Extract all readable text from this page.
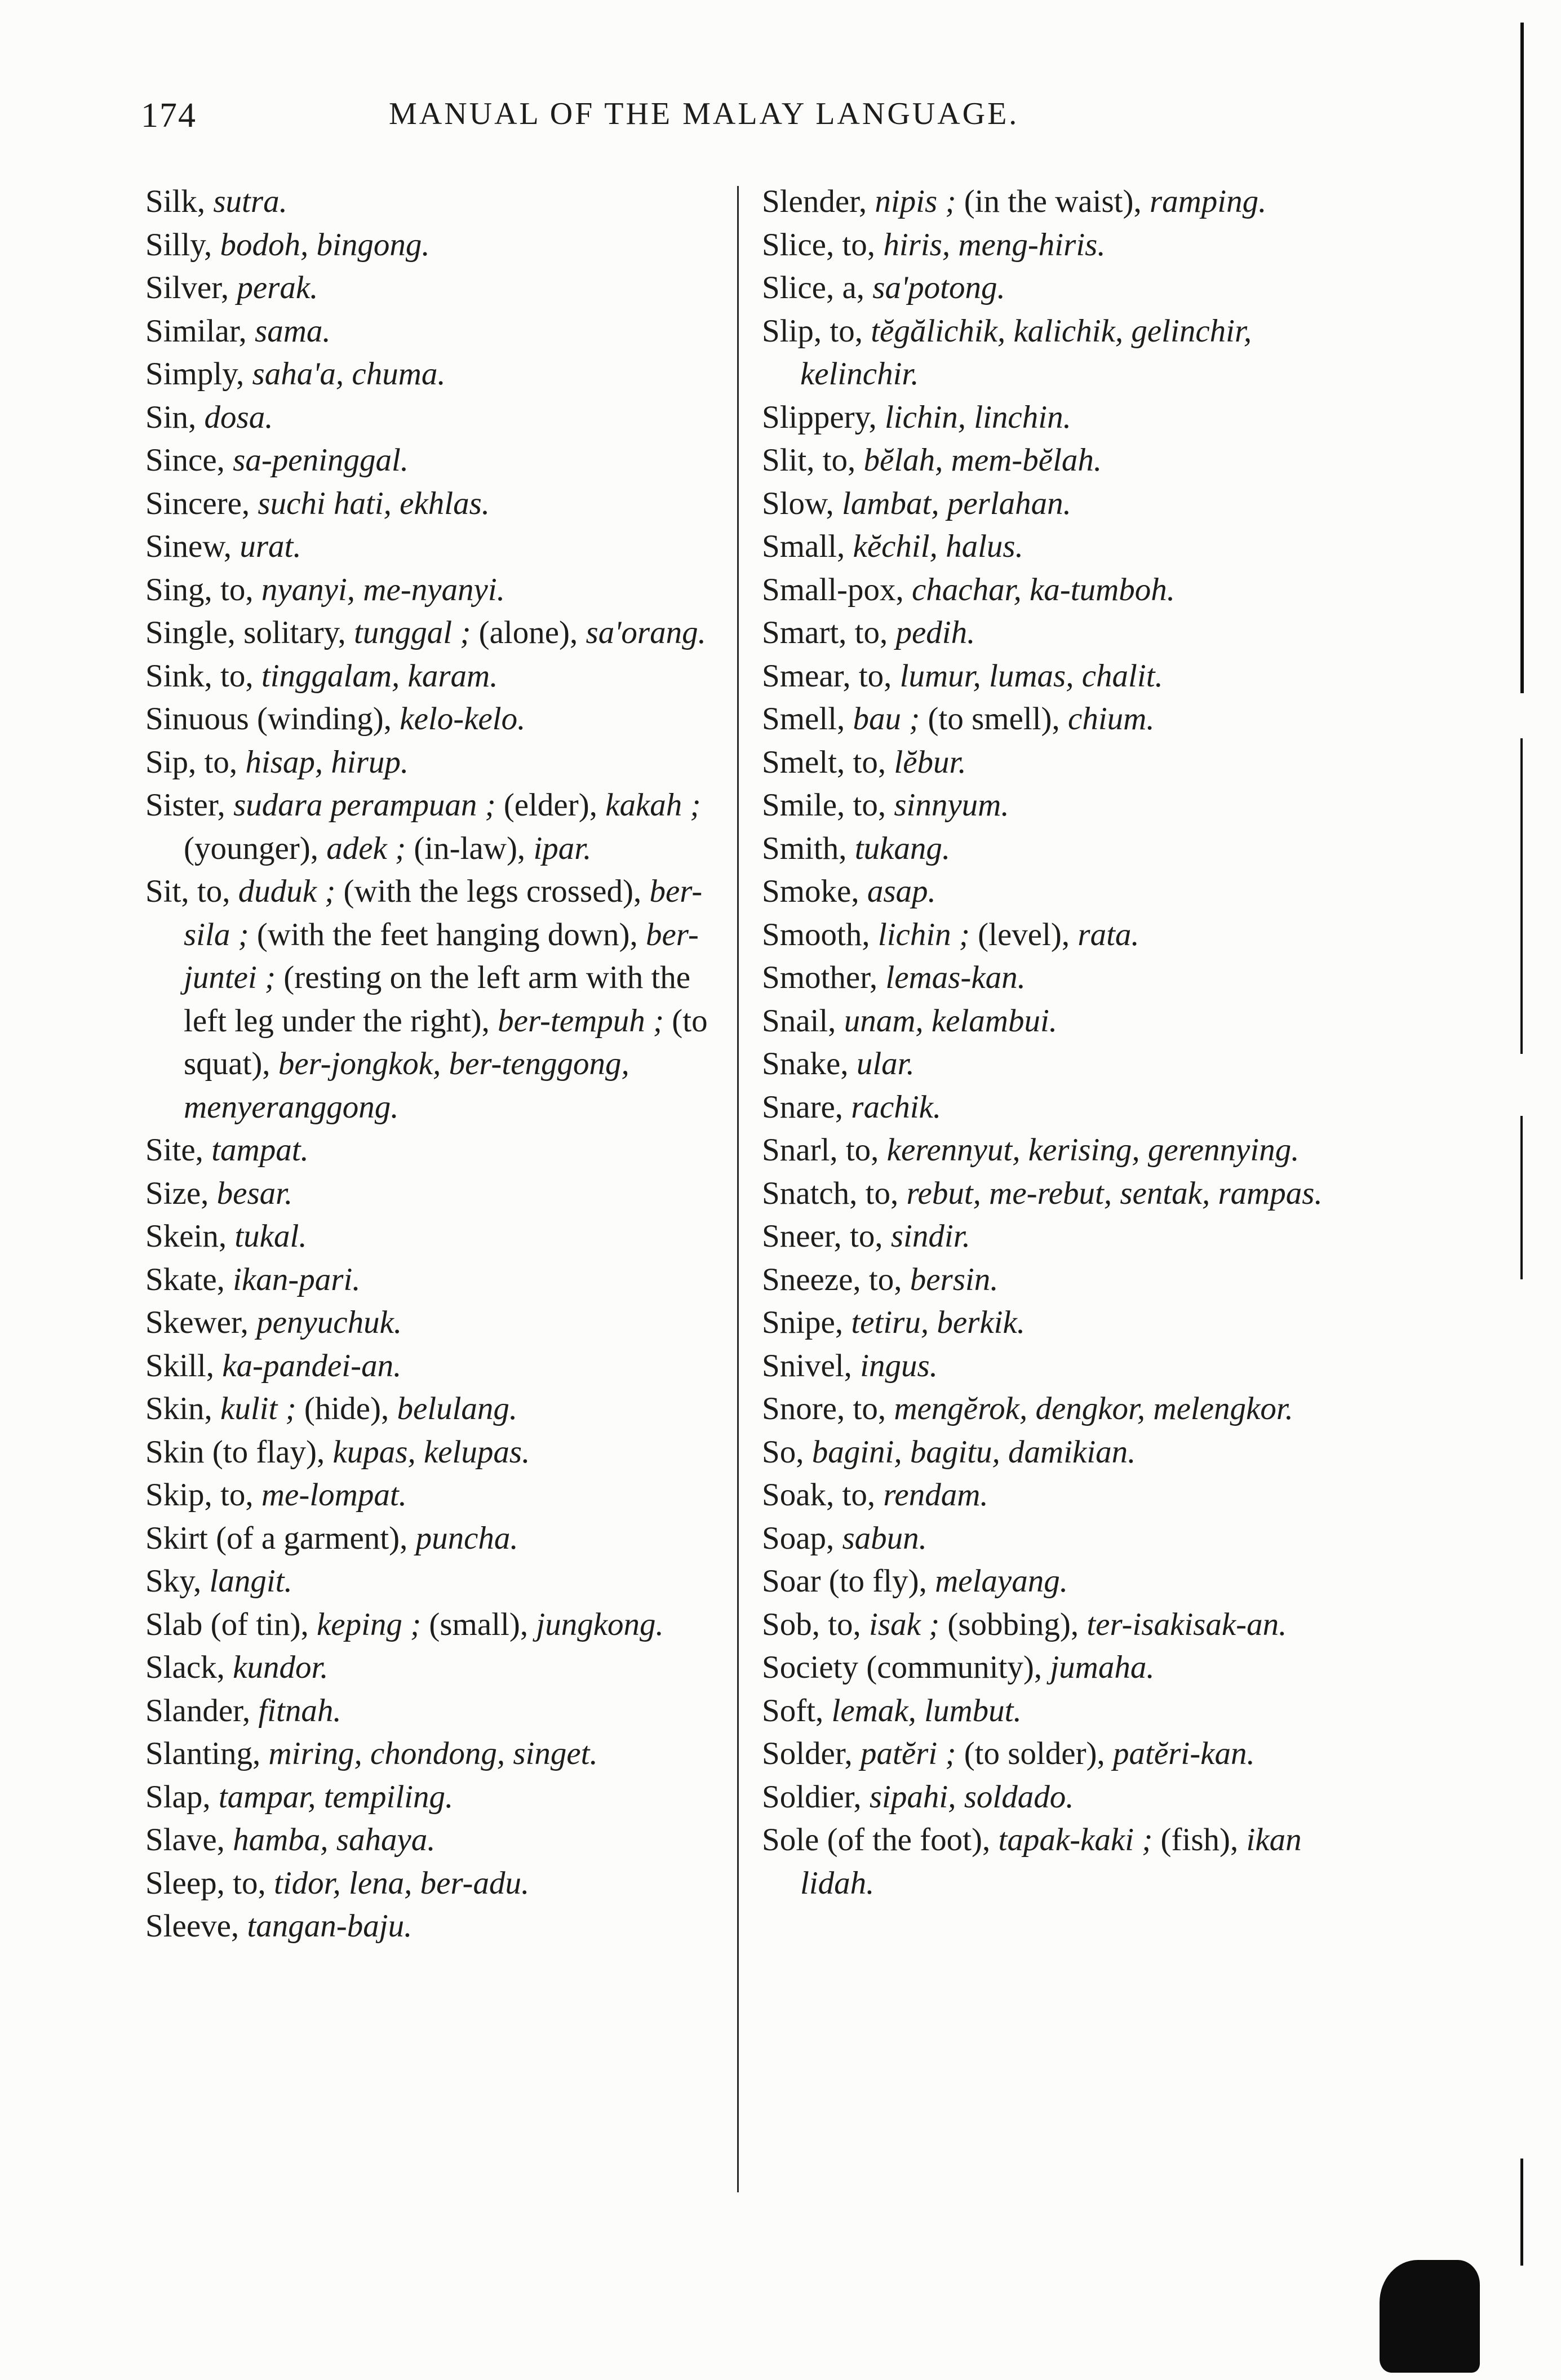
174	MANUAL OF THE MALAY LANGUAGE.

Silk, sutra.

Silly, bodoh, bingong.

Silver, perak.

Similar, sama.

Simply, saha'a, chuma.

Sin, dosa.

Since, sa-peninggal.

Sincere, suchi hati, ekhlas.

Sinew, urat.

Sing, to, nyanyi, me-nyanyi.

Single, solitary, tunggal ; (alone), sa'orang.

Sink, to, tinggalam, karam.

Sinuous (winding), kelo-kelo.

Sip, to, hisap, hirup.

Sister, sudara perampuan ; (elder), kakah ; (younger), adek ; (in-law), ipar.

Sit, to, duduk ; (with the legs crossed), ber-sila ; (with the feet hanging down), ber-juntei ; (resting on the left arm with the left leg under the right), ber-tempuh ; (to squat), ber-jongkok, ber-tenggong, menyeranggong.

Site, tampat.

Size, besar.

Skein, tukal.

Skate, ikan-pari.

Skewer, penyuchuk.

Skill, ka-pandei-an.

Skin, kulit ; (hide), belulang.

Skin (to flay), kupas, kelupas.

Skip, to, me-lompat.

Skirt (of a garment), puncha.

Sky, langit.

Slab (of tin), keping ; (small), jungkong.

Slack, kundor.

Slander, fitnah.

Slanting, miring, chondong, singet.

Slap, tampar, tempiling.

Slave, hamba, sahaya.

Sleep, to, tidor, lena, ber-adu.

Sleeve, tangan-baju.

Slender, nipis ; (in the waist), ramping.

Slice, to, hiris, meng-hiris.

Slice, a, sa'potong.

Slip, to, tĕgălichik, kalichik, gelinchir, kelinchir.

Slippery, lichin, linchin.

Slit, to, bĕlah, mem-bĕlah.

Slow, lambat, perlahan.

Small, kĕchil, halus.

Small-pox, chachar, ka-tumboh.

Smart, to, pedih.

Smear, to, lumur, lumas, chalit.

Smell, bau ; (to smell), chium.

Smelt, to, lĕbur.

Smile, to, sinnyum.

Smith, tukang.

Smoke, asap.

Smooth, lichin ; (level), rata.

Smother, lemas-kan.

Snail, unam, kelambui.

Snake, ular.

Snare, rachik.

Snarl, to, kerennyut, kerising, gerennying.

Snatch, to, rebut, me-rebut, sentak, rampas.

Sneer, to, sindir.

Sneeze, to, bersin.

Snipe, tetiru, berkik.

Snivel, ingus.

Snore, to, mengĕrok, dengkor, melengkor.

So, bagini, bagitu, damikian.

Soak, to, rendam.

Soap, sabun.

Soar (to fly), melayang.

Sob, to, isak ; (sobbing), ter-isakisak-an.

Society (community), jumaha.

Soft, lemak, lumbut.

Solder, patĕri ; (to solder), patĕri-kan.

Soldier, sipahi, soldado.

Sole (of the foot), tapak-kaki ; (fish), ikan lidah.
